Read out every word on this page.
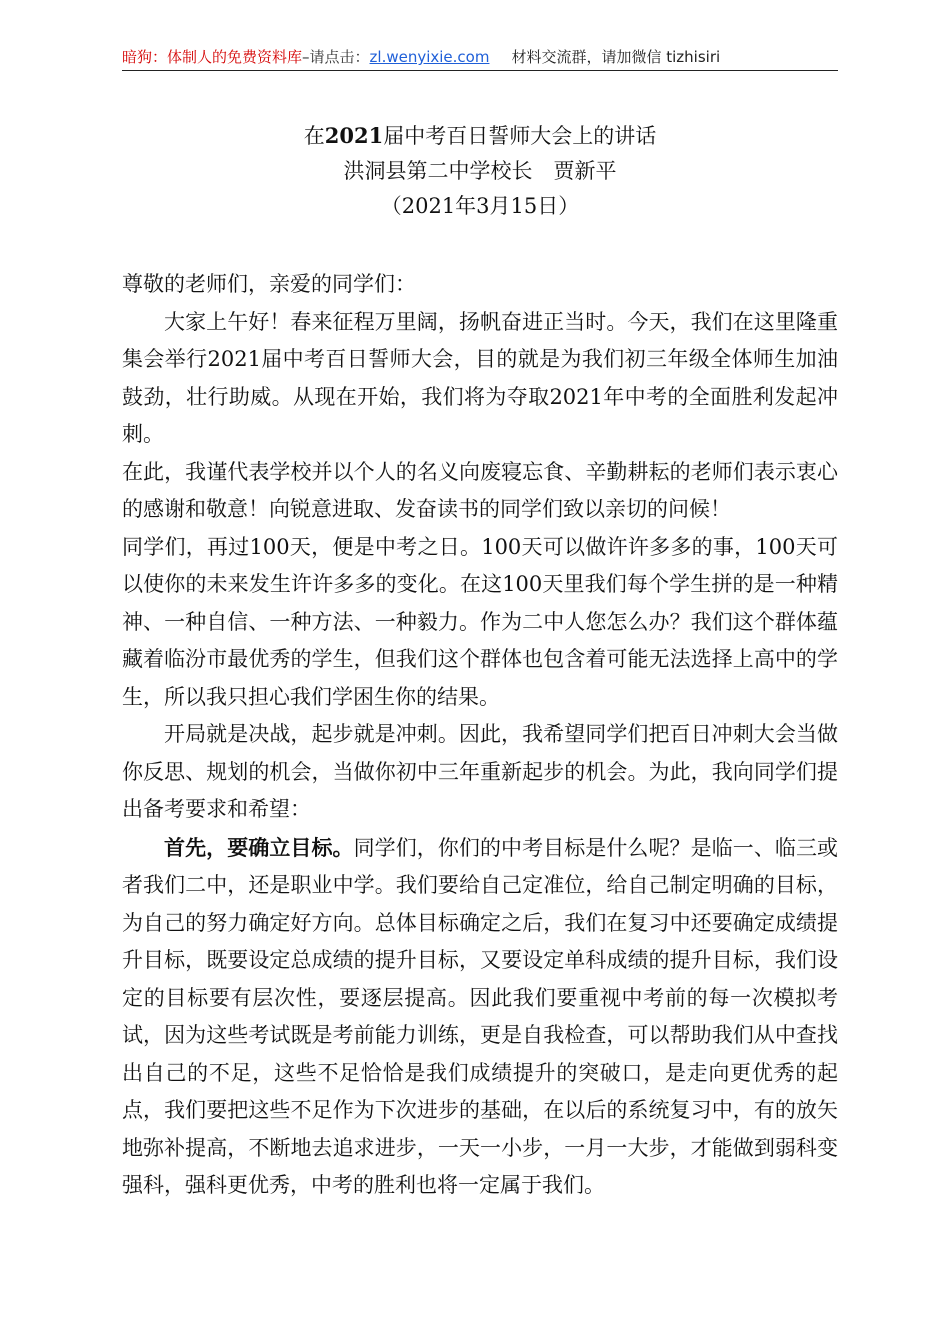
暗狗：体制人的免费资料库–请点击：zl.wenyixie.com 材料交流群，请加微信 tizhisiri
在2021届中考百日誓师大会上的讲话
洪洞县第二中学校长　贾新平
（2021年3月15日）

尊敬的老师们，亲爱的同学们：

大家上午好！春来征程万里阔，扬帆奋进正当时。今天，我们在这里隆重集会举行2021届中考百日誓师大会，目的就是为我们初三年级全体师生加油鼓劲，壮行助威。从现在开始，我们将为夺取2021年中考的全面胜利发起冲刺。

在此，我谨代表学校并以个人的名义向废寝忘食、辛勤耕耘的老师们表示衷心的感谢和敬意！向锐意进取、发奋读书的同学们致以亲切的问候！

同学们，再过100天，便是中考之日。100天可以做许许多多的事，100天可以使你的未来发生许许多多的变化。在这100天里我们每个学生拼的是一种精神、一种自信、一种方法、一种毅力。作为二中人您怎么办？我们这个群体蕴藏着临汾市最优秀的学生，但我们这个群体也包含着可能无法选择上高中的学生，所以我只担心我们学困生你的结果。

开局就是决战，起步就是冲刺。因此，我希望同学们把百日冲刺大会当做你反思、规划的机会，当做你初中三年重新起步的机会。为此，我向同学们提出备考要求和希望：

首先，要确立目标。同学们，你们的中考目标是什么呢？是临一、临三或者我们二中，还是职业中学。我们要给自己定准位，给自己制定明确的目标，为自己的努力确定好方向。总体目标确定之后，我们在复习中还要确定成绩提升目标，既要设定总成绩的提升目标，又要设定单科成绩的提升目标，我们设定的目标要有层次性，要逐层提高。因此我们要重视中考前的每一次模拟考试，因为这些考试既是考前能力训练，更是自我检查，可以帮助我们从中查找出自己的不足，这些不足恰恰是我们成绩提升的突破口，是走向更优秀的起点，我们要把这些不足作为下次进步的基础，在以后的系统复习中，有的放矢地弥补提高，不断地去追求进步，一天一小步，一月一大步，才能做到弱科变强科，强科更优秀，中考的胜利也将一定属于我们。
